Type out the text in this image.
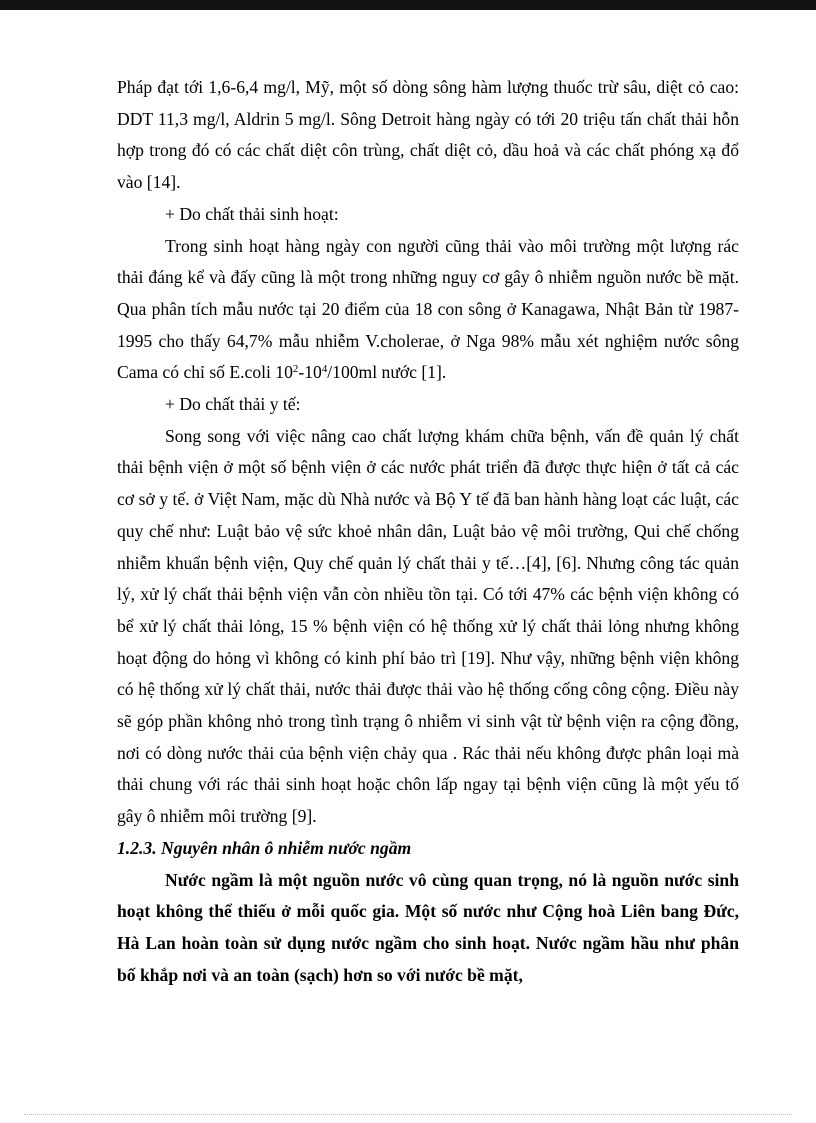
Pháp đạt tới 1,6-6,4 mg/l, Mỹ, một số dòng sông hàm lượng thuốc trừ sâu, diệt cỏ cao: DDT 11,3 mg/l, Aldrin 5 mg/l. Sông Detroit hàng ngày có tới 20 triệu tấn chất thải hỗn hợp trong đó có các chất diệt côn trùng, chất diệt cỏ, dầu hoả và các chất phóng xạ đổ vào [14].

+ Do chất thải sinh hoạt:

Trong sinh hoạt hàng ngày con người cũng thải vào môi trường một lượng rác thải đáng kể và đấy cũng là một trong những nguy cơ gây ô nhiễm nguồn nước bề mặt. Qua phân tích mẫu nước tại 20 điểm của 18 con sông ở Kanagawa, Nhật Bản từ 1987-1995 cho thấy 64,7% mẫu nhiễm V.cholerae, ở Nga 98% mẫu xét nghiệm nước sông Cama có chỉ số E.coli $10^2-10^4/100ml$ nước [1].

+ Do chất thải y tế:

Song song với việc nâng cao chất lượng khám chữa bệnh, vấn đề quản lý chất thải bệnh viện ở một số bệnh viện ở các nước phát triển đã được thực hiện ở tất cả các cơ sở y tế. ở Việt Nam, mặc dù Nhà nước và Bộ Y tế đã ban hành hàng loạt các luật, các quy chế như: Luật bảo vệ sức khoẻ nhân dân, Luật bảo vệ môi trường, Qui chế chống nhiễm khuẩn bệnh viện, Quy chế quản lý chất thải y tế…[4], [6]. Nhưng công tác quản lý, xử lý chất thải bệnh viện vẫn còn nhiều tồn tại. Có tới 47% các bệnh viện không có bể xử lý chất thải lỏng, 15 % bệnh viện có hệ thống xử lý chất thải lỏng nhưng không hoạt động do hỏng vì không có kinh phí bảo trì [19]. Như vậy, những bệnh viện không có hệ thống xử lý chất thải, nước thải được thải vào hệ thống cống công cộng. Điều này sẽ góp phần không nhỏ trong tình trạng ô nhiễm vi sinh vật từ bệnh viện ra cộng đồng, nơi có dòng nước thải của bệnh viện chảy qua . Rác thải nếu không được phân loại mà thải chung với rác thải sinh hoạt hoặc chôn lấp ngay tại bệnh viện cũng là một yếu tố gây ô nhiễm môi trường [9].

1.2.3. Nguyên nhân ô nhiễm nước ngầm

Nước ngầm là một nguồn nước vô cùng quan trọng, nó là nguồn nước sinh hoạt không thể thiếu ở mỗi quốc gia. Một số nước như Cộng hoà Liên bang Đức, Hà Lan hoàn toàn sử dụng nước ngầm cho sinh hoạt. Nước ngầm hầu như phân bố khắp nơi và an toàn (sạch) hơn so với nước bề mặt,
